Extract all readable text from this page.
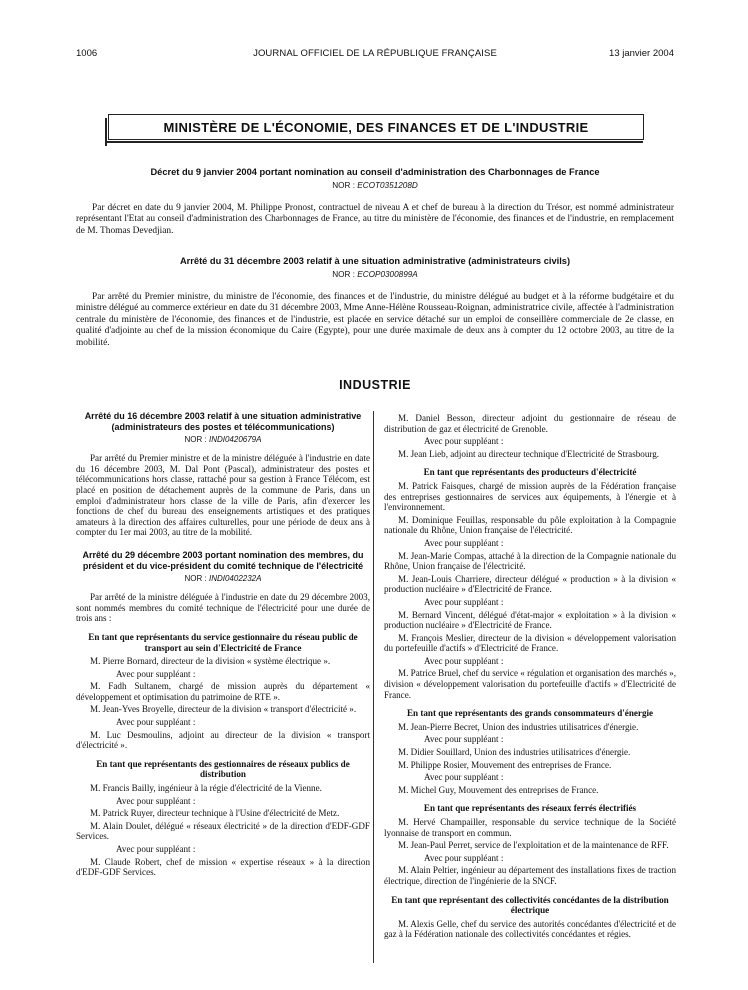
1006	JOURNAL OFFICIEL DE LA RÉPUBLIQUE FRANÇAISE	13 janvier 2004
MINISTÈRE DE L'ÉCONOMIE, DES FINANCES ET DE L'INDUSTRIE
Décret du 9 janvier 2004 portant nomination au conseil d'administration des Charbonnages de France
NOR : ECOT0351208D

Par décret en date du 9 janvier 2004, M. Philippe Pronost, contractuel de niveau A et chef de bureau à la direction du Trésor, est nommé administrateur représentant l'Etat au conseil d'administration des Charbonnages de France, au titre du ministère de l'économie, des finances et de l'industrie, en remplacement de M. Thomas Devedjian.

Arrêté du 31 décembre 2003 relatif à une situation administrative (administrateurs civils)
NOR : ECOP0300899A

Par arrêté du Premier ministre, du ministre de l'économie, des finances et de l'industrie, du ministre délégué au budget et à la réforme budgétaire et du ministre délégué au commerce extérieur en date du 31 décembre 2003, Mme Anne-Hélène Rousseau-Roignan, administratrice civile, affectée à l'administration centrale du ministère de l'économie, des finances et de l'industrie, est placée en service détaché sur un emploi de conseillère commerciale de 2e classe, en qualité d'adjointe au chef de la mission économique du Caire (Egypte), pour une durée maximale de deux ans à compter du 12 octobre 2003, au titre de la mobilité.

INDUSTRIE

Arrêté du 16 décembre 2003 relatif à une situation administrative (administrateurs des postes et télécommunications)

NOR : INDI0420679A

Par arrêté du Premier ministre et de la ministre déléguée à l'industrie en date du 16 décembre 2003, M. Dal Pont (Pascal), administrateur des postes et télécommunications hors classe, rattaché pour sa gestion à France Télécom, est placé en position de détachement auprès de la commune de Paris, dans un emploi d'administrateur hors classe de la ville de Paris, afin d'exercer les fonctions de chef du bureau des enseignements artistiques et des pratiques amateurs à la direction des affaires culturelles, pour une période de deux ans à compter du 1er mai 2003, au titre de la mobilité.

Arrêté du 29 décembre 2003 portant nomination des membres, du président et du vice-président du comité technique de l'électricité

NOR : INDI0402232A

Par arrêté de la ministre déléguée à l'industrie en date du 29 décembre 2003, sont nommés membres du comité technique de l'électricité pour une durée de trois ans :

En tant que représentants du service gestionnaire du réseau public de transport au sein d'Electricité de France

M. Pierre Bornard, directeur de la division « système électrique ».

Avec pour suppléant :

M. Fadh Sultanem, chargé de mission auprès du département « développement et optimisation du patrimoine de RTE ».

M. Jean-Yves Broyelle, directeur de la division « transport d'électricité ».

Avec pour suppléant :

M. Luc Desmoulins, adjoint au directeur de la division « transport d'électricité ».

En tant que représentants des gestionnaires de réseaux publics de distribution

M. Francis Bailly, ingénieur à la régie d'électricité de la Vienne.

Avec pour suppléant :

M. Patrick Ruyer, directeur technique à l'Usine d'électricité de Metz.

M. Alain Doulet, délégué « réseaux électricité » de la direction d'EDF-GDF Services.

Avec pour suppléant :

M. Claude Robert, chef de mission « expertise réseaux » à la direction d'EDF-GDF Services.

M. Daniel Besson, directeur adjoint du gestionnaire de réseau de distribution de gaz et électricité de Grenoble.

Avec pour suppléant :

M. Jean Lieb, adjoint au directeur technique d'Electricité de Strasbourg.

En tant que représentants des producteurs d'électricité

M. Patrick Faisques, chargé de mission auprès de la Fédération française des entreprises gestionnaires de services aux équipements, à l'énergie et à l'environnement.

M. Dominique Feuillas, responsable du pôle exploitation à la Compagnie nationale du Rhône, Union française de l'électricité.

Avec pour suppléant :

M. Jean-Marie Compas, attaché à la direction de la Compagnie nationale du Rhône, Union française de l'électricité.

M. Jean-Louis Charriere, directeur délégué « production » à la division « production nucléaire » d'Electricité de France.

Avec pour suppléant :

M. Bernard Vincent, délégué d'état-major « exploitation » à la division « production nucléaire » d'Electricité de France.

M. François Meslier, directeur de la division « développement valorisation du portefeuille d'actifs » d'Electricité de France.

Avec pour suppléant :

M. Patrice Bruel, chef du service « régulation et organisation des marchés », division « développement valorisation du portefeuille d'actifs » d'Electricité de France.

En tant que représentants des grands consommateurs d'énergie

M. Jean-Pierre Becret, Union des industries utilisatrices d'énergie.

Avec pour suppléant :

M. Didier Souillard, Union des industries utilisatrices d'énergie.

M. Philippe Rosier, Mouvement des entreprises de France.

Avec pour suppléant :

M. Michel Guy, Mouvement des entreprises de France.

En tant que représentants des réseaux ferrés électrifiés

M. Hervé Champailler, responsable du service technique de la Société lyonnaise de transport en commun.

M. Jean-Paul Perret, service de l'exploitation et de la maintenance de RFF.

Avec pour suppléant :

M. Alain Peltier, ingénieur au département des installations fixes de traction électrique, direction de l'ingénierie de la SNCF.

En tant que représentant des collectivités concédantes de la distribution électrique

M. Alexis Gelle, chef du service des autorités concédantes d'électricité et de gaz à la Fédération nationale des collectivités concédantes et régies.
